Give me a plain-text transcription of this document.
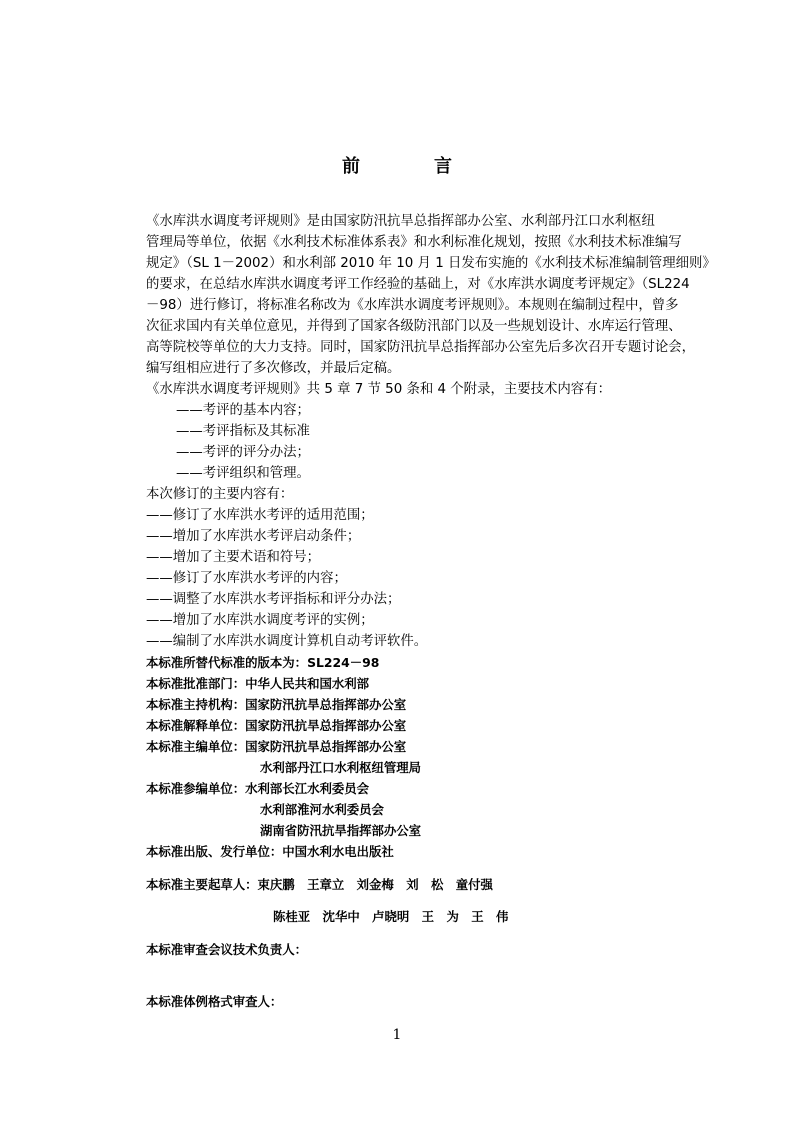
前　言
《水库洪水调度考评规则》是由国家防汛抗旱总指挥部办公室、水利部丹江口水利枢纽
管理局等单位，依据《水利技术标准体系表》和水利标准化规划，按照《水利技术标准编写
规定》（SL 1－2002）和水利部 2010 年 10 月 1 日发布实施的《水利技术标准编制管理细则》
的要求，在总结水库洪水调度考评工作经验的基础上，对《水库洪水调度考评规定》（SL224
－98）进行修订，将标准名称改为《水库洪水调度考评规则》。本规则在编制过程中，曾多
次征求国内有关单位意见，并得到了国家各级防汛部门以及一些规划设计、水库运行管理、
高等院校等单位的大力支持。同时，国家防汛抗旱总指挥部办公室先后多次召开专题讨论会，
编写组相应进行了多次修改，并最后定稿。
《水库洪水调度考评规则》共 5 章 7 节 50 条和 4 个附录，主要技术内容有：
——考评的基本内容；
——考评指标及其标准
——考评的评分办法；
——考评组织和管理。
本次修订的主要内容有：
——修订了水库洪水考评的适用范围；
——增加了水库洪水考评启动条件；
——增加了主要术语和符号；
——修订了水库洪水考评的内容；
——调整了水库洪水考评指标和评分办法；
——增加了水库洪水调度考评的实例；
——编制了水库洪水调度计算机自动考评软件。
本标准所替代标准的版本为：SL224－98
本标准批准部门：中华人民共和国水利部
本标准主持机构：国家防汛抗旱总指挥部办公室
本标准解释单位：国家防汛抗旱总指挥部办公室
本标准主编单位：国家防汛抗旱总指挥部办公室
水利部丹江口水利枢纽管理局
本标准参编单位：水利部长江水利委员会
水利部淮河水利委员会
湖南省防汛抗旱指挥部办公室
本标准出版、发行单位：中国水利水电出版社
本标准主要起草人：束庆鹏　王章立　刘金梅　刘　松　童付强
陈桂亚　沈华中　卢晓明　王　为　王　伟
本标准审查会议技术负责人：
本标准体例格式审查人：
1
